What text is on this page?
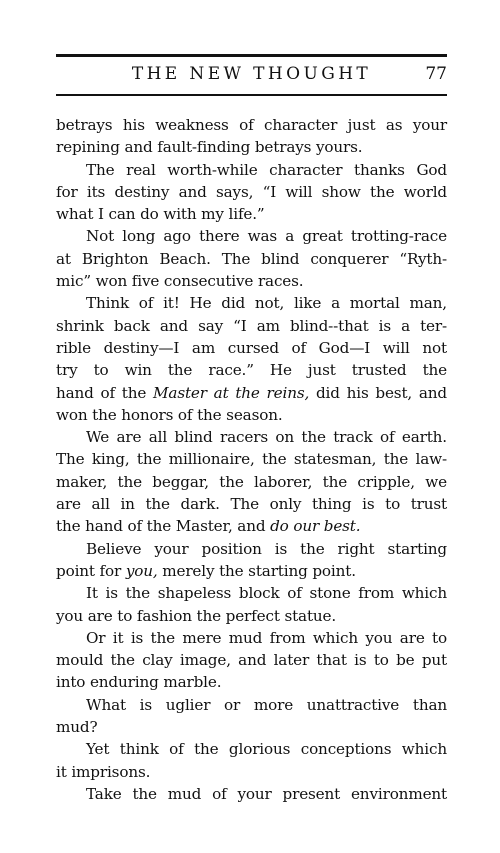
THE NEW THOUGHT	77

betrays his weakness of character just as your
repining and fault-finding betrays yours.

The real worth-while character thanks God
for its destiny and says, “I will show the world
what I can do with my life.”

Not long ago there was a great trotting-race
at Brighton Beach. The blind conquerer “Ryth-
mic” won five consecutive races.

Think of it! He did not, like a mortal man,
shrink back and say “I am blind--that is a ter-
rible destiny—I am cursed of God—I will not
try to win the race.” He just trusted the
hand of the Master at the reins, did his best, and
won the honors of the season.

We are all blind racers on the track of earth.
The king, the millionaire, the statesman, the law-
maker, the beggar, the laborer, the cripple, we
are all in the dark. The only thing is to trust
the hand of the Master, and do our best.

Believe your position is the right starting
point for you, merely the starting point.

It is the shapeless block of stone from which
you are to fashion the perfect statue.

Or it is the mere mud from which you are to
mould the clay image, and later that is to be put
into enduring marble.

What is uglier or more unattractive than
mud?

Yet think of the glorious conceptions which
it imprisons.

Take the mud of your present environment
